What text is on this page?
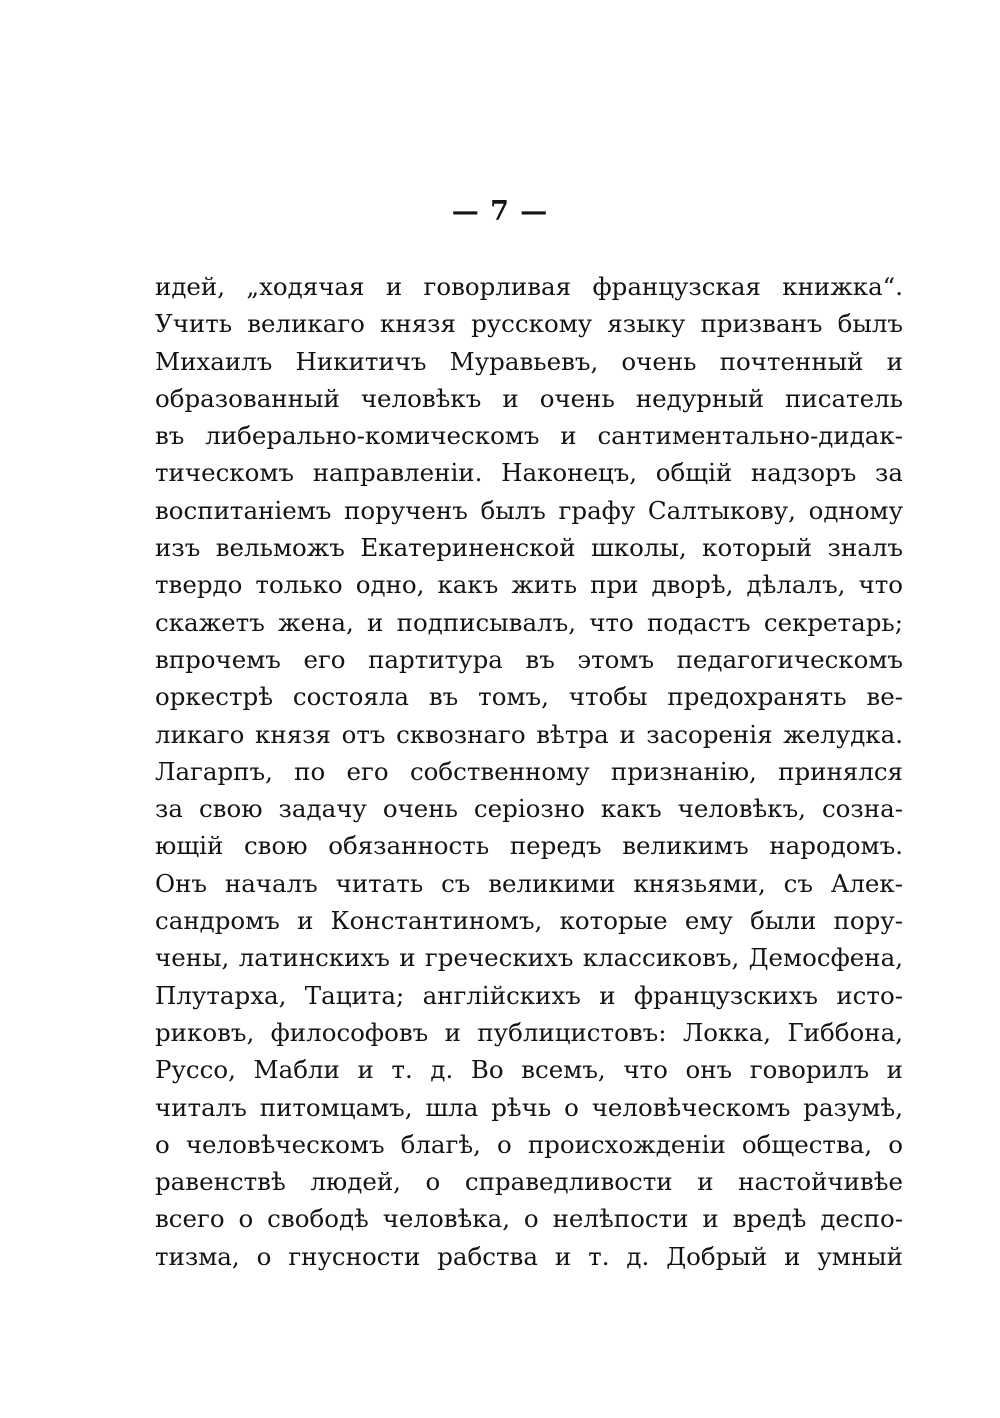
— 7 —
идей, „ходячая и говорливая французская книжка“.
Учить великаго князя русскому языку призванъ былъ
Михаилъ Никитичъ Муравьевъ, очень почтенный и
образованный человѣкъ и очень недурный писатель
въ либерально-комическомъ и сантиментально-дидак-
тическомъ направленіи. Наконецъ, общій надзоръ за
воспитаніемъ порученъ былъ графу Салтыкову, одному
изъ вельможъ Екатериненской школы, который зналъ
твердо только одно, какъ жить при дворѣ, дѣлалъ, что
скажетъ жена, и подписывалъ, что подастъ секретарь;
впрочемъ его партитура въ этомъ педагогическомъ
оркестрѣ состояла въ томъ, чтобы предохранять ве-
ликаго князя отъ сквознаго вѣтра и засоренія желудка.
Лагарпъ, по его собственному признанію, принялся
за свою задачу очень серіозно какъ человѣкъ, созна-
ющій свою обязанность передъ великимъ народомъ.
Онъ началъ читать съ великими князьями, съ Алек-
сандромъ и Константиномъ, которые ему были пору-
чены, латинскихъ и греческихъ классиковъ, Демосфена,
Плутарха, Тацита; англійскихъ и французскихъ исто-
риковъ, философовъ и публицистовъ: Локка, Гиббона,
Руссо, Мабли и т. д. Во всемъ, что онъ говорилъ и
читалъ питомцамъ, шла рѣчь о человѣческомъ разумѣ,
о человѣческомъ благѣ, о происхожденіи общества, о
равенствѣ людей, о справедливости и настойчивѣе
всего о свободѣ человѣка, о нелѣпости и вредѣ деспо-
тизма, о гнусности рабства и т. д. Добрый и умный
